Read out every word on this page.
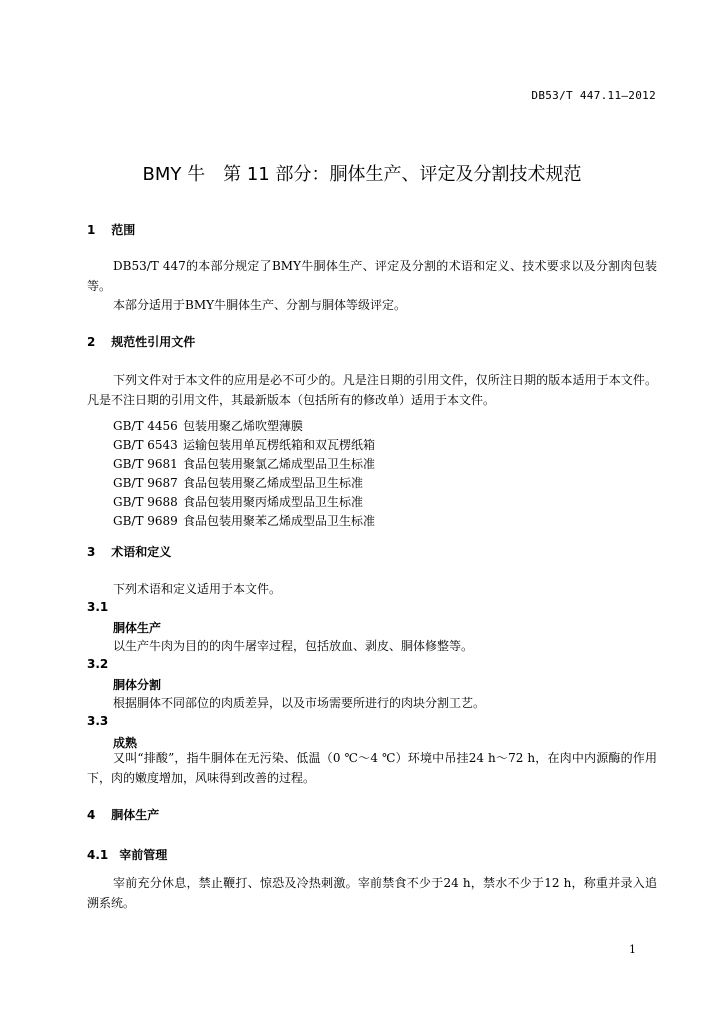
DB53/T 447.11—2012
BMY 牛　第 11 部分：胴体生产、评定及分割技术规范
1 范围
DB53/T 447的本部分规定了BMY牛胴体生产、评定及分割的术语和定义、技术要求以及分割肉包装等。
本部分适用于BMY牛胴体生产、分割与胴体等级评定。
2 规范性引用文件
下列文件对于本文件的应用是必不可少的。凡是注日期的引用文件，仅所注日期的版本适用于本文件。凡是不注日期的引用文件，其最新版本（包括所有的修改单）适用于本文件。
GB/T 4456 包装用聚乙烯吹塑薄膜
GB/T 6543 运输包装用单瓦楞纸箱和双瓦楞纸箱
GB/T 9681 食品包装用聚氯乙烯成型品卫生标准
GB/T 9687 食品包装用聚乙烯成型品卫生标准
GB/T 9688 食品包装用聚丙烯成型品卫生标准
GB/T 9689 食品包装用聚苯乙烯成型品卫生标准
3 术语和定义
下列术语和定义适用于本文件。
3.1
胴体生产
以生产牛肉为目的的肉牛屠宰过程，包括放血、剥皮、胴体修整等。
3.2
胴体分割
根据胴体不同部位的肉质差异，以及市场需要所进行的肉块分割工艺。
3.3
成熟
又叫“排酸”，指牛胴体在无污染、低温（0 ℃～4 ℃）环境中吊挂24 h～72 h，在肉中内源酶的作用下，肉的嫩度增加，风味得到改善的过程。
4 胴体生产
4.1 宰前管理
宰前充分休息，禁止鞭打、惊恐及冷热刺激。宰前禁食不少于24 h，禁水不少于12 h，称重并录入追溯系统。
1
